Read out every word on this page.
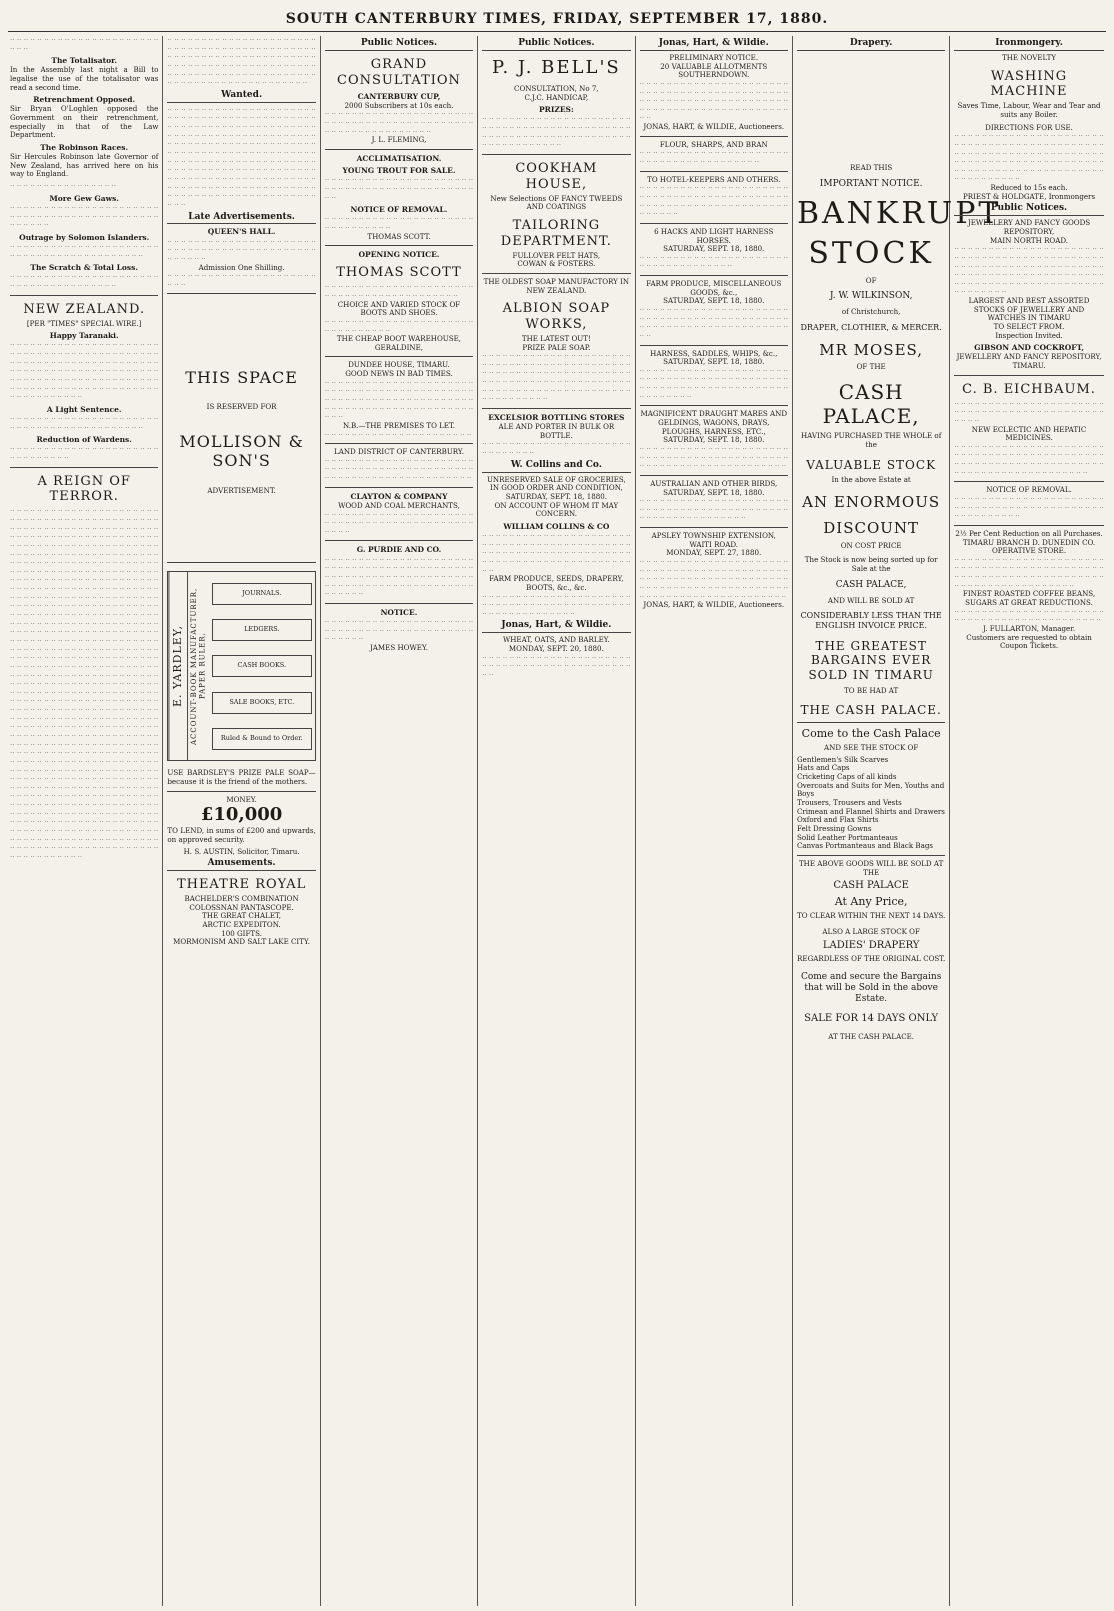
SOUTH CANTERBURY TIMES, FRIDAY, SEPTEMBER 17, 1880.
·· ·· ·· ·· ·· ·· ·· ·· ·· ·· ·· ·· ·· ·· ·· ·· ·· ·· ·· ·· ·· ·· ·· ·· ··
The Totalisator.
In the Assembly last night a Bill to legalise the use of the totalisator was read a second time.
Retrenchment Opposed.
Sir Bryan O'Loghlen opposed the Government on their retrenchment, especially in that of the Law Department.
The Robinson Races.
Sir Hercules Robinson late Governor of New Zealand, has arrived here on his way to England.
·· ·· ·· ·· ·· ·· ·· ·· ·· ·· ·· ·· ·· ·· ·· ··
More Gew Gaws.
·· ·· ·· ·· ·· ·· ·· ·· ·· ·· ·· ·· ·· ·· ·· ·· ·· ·· ·· ·· ·· ·· ·· ·· ·· ·· ·· ·· ·· ·· ·· ·· ·· ·· ·· ·· ·· ·· ·· ·· ·· ·· ·· ·· ·· ·· ·· ·· ·· ··
Outrage by Solomon Islanders.
·· ·· ·· ·· ·· ·· ·· ·· ·· ·· ·· ·· ·· ·· ·· ·· ·· ·· ·· ·· ·· ·· ·· ·· ·· ·· ·· ·· ·· ·· ·· ·· ·· ·· ·· ·· ·· ·· ·· ·· ·· ··
The Scratch & Total Loss.
·· ·· ·· ·· ·· ·· ·· ·· ·· ·· ·· ·· ·· ·· ·· ·· ·· ·· ·· ·· ·· ·· ·· ·· ·· ·· ·· ·· ·· ·· ·· ·· ·· ·· ·· ·· ·· ··
NEW ZEALAND.
[PER "TIMES" SPECIAL WIRE.]
Happy Taranaki.
·· ·· ·· ·· ·· ·· ·· ·· ·· ·· ·· ·· ·· ·· ·· ·· ·· ·· ·· ·· ·· ·· ·· ·· ·· ·· ·· ·· ·· ·· ·· ·· ·· ·· ·· ·· ·· ·· ·· ·· ·· ·· ·· ·· ·· ·· ·· ·· ·· ·· ·· ·· ·· ·· ·· ·· ·· ·· ·· ·· ·· ·· ·· ·· ·· ·· ·· ·· ·· ·· ·· ·· ·· ·· ·· ·· ·· ·· ·· ·· ·· ·· ·· ·· ·· ·· ·· ·· ·· ·· ·· ·· ·· ·· ·· ·· ·· ·· ·· ·· ·· ·· ·· ·· ·· ·· ·· ·· ·· ·· ·· ·· ·· ·· ·· ·· ·· ·· ·· ·· ·· ·· ·· ·· ·· ·· ·· ·· ·· ·· ·· ·· ·· ·· ·· ·· ·· ·· ·· ·· ·· ·· ··
A Light Sentence.
·· ·· ·· ·· ·· ·· ·· ·· ·· ·· ·· ·· ·· ·· ·· ·· ·· ·· ·· ·· ·· ·· ·· ·· ·· ·· ·· ·· ·· ·· ·· ·· ·· ·· ·· ·· ·· ·· ·· ·· ·· ··
Reduction of Wardens.
·· ·· ·· ·· ·· ·· ·· ·· ·· ·· ·· ·· ·· ·· ·· ·· ·· ·· ·· ·· ·· ·· ·· ·· ·· ·· ·· ·· ·· ·· ··
A REIGN OF TERROR.
·· ·· ·· ·· ·· ·· ·· ·· ·· ·· ·· ·· ·· ·· ·· ·· ·· ·· ·· ·· ·· ·· ·· ·· ·· ·· ·· ·· ·· ·· ·· ·· ·· ·· ·· ·· ·· ·· ·· ·· ·· ·· ·· ·· ·· ·· ·· ·· ·· ·· ·· ·· ·· ·· ·· ·· ·· ·· ·· ·· ·· ·· ·· ·· ·· ·· ·· ·· ·· ·· ·· ·· ·· ·· ·· ·· ·· ·· ·· ·· ·· ·· ·· ·· ·· ·· ·· ·· ·· ·· ·· ·· ·· ·· ·· ·· ·· ·· ·· ·· ·· ·· ·· ·· ·· ·· ·· ·· ·· ·· ·· ·· ·· ·· ·· ·· ·· ·· ·· ·· ·· ·· ·· ·· ·· ·· ·· ·· ·· ·· ·· ·· ·· ·· ·· ·· ·· ·· ·· ·· ·· ·· ·· ·· ·· ·· ·· ·· ·· ·· ·· ·· ·· ·· ·· ·· ·· ·· ·· ·· ·· ·· ·· ·· ·· ·· ·· ·· ·· ·· ·· ·· ·· ·· ·· ·· ·· ·· ·· ·· ·· ·· ·· ·· ·· ·· ·· ·· ·· ·· ·· ·· ·· ·· ·· ·· ·· ·· ·· ·· ·· ·· ·· ·· ·· ·· ·· ·· ·· ·· ·· ·· ·· ·· ·· ·· ·· ·· ·· ·· ·· ·· ·· ·· ·· ·· ·· ·· ·· ·· ·· ·· ·· ·· ·· ·· ·· ·· ·· ·· ·· ·· ·· ·· ·· ·· ·· ·· ·· ·· ·· ·· ·· ·· ·· ·· ·· ·· ·· ·· ·· ·· ·· ·· ·· ·· ·· ·· ·· ·· ·· ·· ·· ·· ·· ·· ·· ·· ·· ·· ·· ·· ·· ·· ·· ·· ·· ·· ·· ·· ·· ·· ·· ·· ·· ·· ·· ·· ·· ·· ·· ·· ·· ·· ·· ·· ·· ·· ·· ·· ·· ·· ·· ·· ·· ·· ·· ·· ·· ·· ·· ·· ·· ·· ·· ·· ·· ·· ·· ·· ·· ·· ·· ·· ·· ·· ·· ·· ·· ·· ·· ·· ·· ·· ·· ·· ·· ·· ·· ·· ·· ·· ·· ·· ·· ·· ·· ·· ·· ·· ·· ·· ·· ·· ·· ·· ·· ·· ·· ·· ·· ·· ·· ·· ·· ·· ·· ·· ·· ·· ·· ·· ·· ·· ·· ·· ·· ·· ·· ·· ·· ·· ·· ·· ·· ·· ·· ·· ·· ·· ·· ·· ·· ·· ·· ·· ·· ·· ·· ·· ·· ·· ·· ·· ·· ·· ·· ·· ·· ·· ·· ·· ·· ·· ·· ·· ·· ·· ·· ·· ·· ·· ·· ·· ·· ·· ·· ·· ·· ·· ·· ·· ·· ·· ·· ·· ·· ·· ·· ·· ·· ·· ·· ·· ·· ·· ·· ·· ·· ·· ·· ·· ·· ·· ·· ·· ·· ·· ·· ·· ·· ·· ·· ·· ·· ·· ·· ·· ·· ·· ·· ·· ·· ·· ·· ·· ·· ·· ·· ·· ·· ·· ·· ·· ·· ·· ·· ·· ·· ·· ·· ·· ·· ·· ·· ·· ·· ·· ·· ·· ·· ·· ·· ·· ·· ·· ·· ·· ·· ·· ·· ·· ·· ·· ·· ·· ·· ·· ·· ·· ·· ·· ·· ·· ·· ·· ·· ·· ·· ·· ·· ·· ·· ·· ·· ·· ·· ·· ·· ·· ·· ·· ·· ·· ·· ·· ·· ·· ·· ·· ·· ·· ·· ·· ·· ·· ·· ·· ·· ·· ·· ·· ·· ·· ·· ·· ·· ·· ·· ·· ·· ·· ·· ·· ·· ·· ·· ·· ·· ·· ·· ·· ·· ·· ·· ·· ·· ·· ·· ·· ·· ·· ·· ·· ·· ·· ·· ·· ·· ·· ·· ·· ·· ·· ·· ·· ·· ·· ·· ·· ·· ·· ·· ·· ·· ·· ·· ·· ·· ·· ·· ·· ·· ·· ·· ·· ·· ·· ·· ·· ·· ·· ·· ·· ·· ·· ·· ·· ·· ·· ·· ·· ·· ·· ·· ·· ·· ·· ·· ·· ·· ·· ·· ·· ·· ·· ·· ·· ·· ·· ·· ·· ·· ·· ·· ·· ·· ·· ·· ·· ·· ·· ·· ·· ·· ·· ·· ·· ·· ·· ·· ·· ·· ·· ·· ·· ·· ·· ·· ·· ·· ·· ·· ·· ·· ·· ·· ·· ·· ·· ·· ·· ·· ·· ·· ·· ·· ·· ·· ·· ·· ·· ·· ·· ·· ·· ·· ·· ·· ·· ·· ·· ·· ·· ·· ·· ·· ·· ·· ·· ·· ·· ·· ·· ·· ·· ·· ·· ·· ·· ·· ·· ·· ·· ·· ·· ·· ·· ·· ·· ·· ·· ·· ·· ·· ·· ·· ·· ·· ·· ·· ·· ·· ·· ·· ·· ·· ·· ·· ·· ·· ·· ·· ·· ·· ·· ·· ·· ·· ·· ·· ·· ·· ·· ·· ·· ·· ·· ·· ·· ·· ·· ·· ·· ·· ·· ·· ·· ·· ·· ·· ·· ·· ·· ·· ·· ·· ·· ·· ·· ·· ·· ·· ·· ·· ·· ·· ·· ·· ·· ·· ·· ·· ·· ·· ·· ·· ·· ·· ·· ·· ·· ·· ·· ·· ·· ·· ·· ·· ·· ·· ·· ·· ·· ·· ·· ·· ·· ·· ·· ·· ·· ·· ·· ·· ·· ·· ·· ·· ·· ·· ·· ·· ·· ·· ·· ·· ·· ·· ·· ·· ·· ·· ·· ·· ·· ·· ·· ·· ·· ··
·· ·· ·· ·· ·· ·· ·· ·· ·· ·· ·· ·· ·· ·· ·· ·· ·· ·· ·· ·· ·· ·· ·· ·· ·· ·· ·· ·· ·· ·· ·· ·· ·· ·· ·· ·· ·· ·· ·· ·· ·· ·· ·· ·· ·· ·· ·· ·· ·· ·· ·· ·· ·· ·· ·· ·· ·· ·· ·· ·· ·· ·· ·· ·· ·· ·· ·· ·· ·· ·· ·· ·· ·· ·· ·· ·· ·· ·· ·· ·· ·· ·· ·· ·· ·· ·· ·· ·· ·· ·· ·· ·· ·· ·· ·· ·· ·· ·· ·· ·· ·· ·· ·· ·· ·· ·· ·· ·· ·· ·· ·· ·· ·· ·· ·· ·· ·· ·· ·· ·· ·· ·· ·· ·· ·· ·· ·· ·· ·· ·· ··
Wanted.
·· ·· ·· ·· ·· ·· ·· ·· ·· ·· ·· ·· ·· ·· ·· ·· ·· ·· ·· ·· ·· ·· ·· ·· ·· ·· ·· ·· ·· ·· ·· ·· ·· ·· ·· ·· ·· ·· ·· ·· ·· ·· ·· ·· ·· ·· ·· ·· ·· ·· ·· ·· ·· ·· ·· ·· ·· ·· ·· ·· ·· ·· ·· ·· ·· ·· ·· ·· ·· ·· ·· ·· ·· ·· ·· ·· ·· ·· ·· ·· ·· ·· ·· ·· ·· ·· ·· ·· ·· ·· ·· ·· ·· ·· ·· ·· ·· ·· ·· ·· ·· ·· ·· ·· ·· ·· ·· ·· ·· ·· ·· ·· ·· ·· ·· ·· ·· ·· ·· ·· ·· ·· ·· ·· ·· ·· ·· ·· ·· ·· ·· ·· ·· ·· ·· ·· ·· ·· ·· ·· ·· ·· ·· ·· ·· ·· ·· ·· ·· ·· ·· ·· ·· ·· ·· ·· ·· ·· ·· ·· ·· ·· ·· ·· ·· ·· ·· ·· ·· ·· ·· ·· ·· ·· ·· ·· ·· ·· ·· ·· ·· ·· ·· ·· ·· ·· ·· ·· ·· ·· ·· ·· ·· ·· ·· ·· ·· ·· ·· ·· ·· ·· ·· ·· ·· ·· ·· ·· ·· ·· ·· ·· ·· ·· ·· ·· ·· ·· ·· ·· ·· ·· ·· ·· ·· ·· ·· ·· ·· ·· ·· ·· ·· ·· ·· ·· ·· ·· ·· ·· ·· ·· ·· ·· ··
Late Advertisements.
QUEEN'S HALL.
·· ·· ·· ·· ·· ·· ·· ·· ·· ·· ·· ·· ·· ·· ·· ·· ·· ·· ·· ·· ·· ·· ·· ·· ·· ·· ·· ·· ·· ·· ·· ·· ·· ·· ·· ·· ·· ·· ·· ·· ·· ·· ·· ·· ·· ·· ·· ·· ·· ··
Admission One Shilling.
·· ·· ·· ·· ·· ·· ·· ·· ·· ·· ·· ·· ·· ·· ·· ·· ·· ·· ·· ·· ·· ·· ·· ·· ··
THIS SPACE
IS RESERVED FOR
MOLLISON & SON'S
ADVERTISEMENT.
E. YARDLEY, ACCOUNT-BOOK MANUFACTURER, PAPER RULER,
JOURNALS.
LEDGERS.
CASH BOOKS.
SALE BOOKS, ETC.
Ruled & Bound to Order.
USE BARDSLEY'S PRIZE PALE SOAP—because it is the friend of the mothers.
MONEY.
£10,000
TO LEND, in sums of £200 and upwards, on approved security.
H. S. AUSTIN, Solicitor, Timaru.
Amusements.
THEATRE ROYAL
BACHELDER'S COMBINATION
COLOSSNAN PANTASCOPE.
THE GREAT CHALET,
ARCTIC EXPEDITON.
100 GIFTS.
MORMONISM AND SALT LAKE CITY.
Public Notices.
GRAND CONSULTATION
CANTERBURY CUP,
2000 Subscribers at 10s each.
·· ·· ·· ·· ·· ·· ·· ·· ·· ·· ·· ·· ·· ·· ·· ·· ·· ·· ·· ·· ·· ·· ·· ·· ·· ·· ·· ·· ·· ·· ·· ·· ·· ·· ·· ·· ·· ·· ·· ·· ·· ·· ·· ·· ·· ·· ·· ·· ·· ·· ·· ·· ·· ·· ·· ·· ·· ·· ·· ··
J. L. FLEMING,
ACCLIMATISATION.
YOUNG TROUT FOR SALE.
·· ·· ·· ·· ·· ·· ·· ·· ·· ·· ·· ·· ·· ·· ·· ·· ·· ·· ·· ·· ·· ·· ·· ·· ·· ·· ·· ·· ·· ·· ·· ·· ·· ·· ·· ·· ·· ·· ·· ·· ·· ·· ·· ·· ·· ··
NOTICE OF REMOVAL.
·· ·· ·· ·· ·· ·· ·· ·· ·· ·· ·· ·· ·· ·· ·· ·· ·· ·· ·· ·· ·· ·· ·· ·· ·· ·· ·· ·· ·· ·· ·· ··
THOMAS SCOTT.
OPENING NOTICE.
THOMAS SCOTT
·· ·· ·· ·· ·· ·· ·· ·· ·· ·· ·· ·· ·· ·· ·· ·· ·· ·· ·· ·· ·· ·· ·· ·· ·· ·· ·· ·· ·· ·· ·· ·· ·· ·· ·· ·· ·· ·· ·· ·· ·· ··
CHOICE AND VARIED STOCK OF BOOTS AND SHOES.
·· ·· ·· ·· ·· ·· ·· ·· ·· ·· ·· ·· ·· ·· ·· ·· ·· ·· ·· ·· ·· ·· ·· ·· ·· ·· ·· ·· ·· ·· ·· ··
THE CHEAP BOOT WAREHOUSE,
GERALDINE,
DUNDEE HOUSE, TIMARU.
GOOD NEWS IN BAD TIMES.
·· ·· ·· ·· ·· ·· ·· ·· ·· ·· ·· ·· ·· ·· ·· ·· ·· ·· ·· ·· ·· ·· ·· ·· ·· ·· ·· ·· ·· ·· ·· ·· ·· ·· ·· ·· ·· ·· ·· ·· ·· ·· ·· ·· ·· ·· ·· ·· ·· ·· ·· ·· ·· ·· ·· ·· ·· ·· ·· ·· ·· ·· ·· ·· ·· ·· ·· ·· ·· ·· ·· ·· ·· ·· ·· ·· ·· ·· ·· ·· ·· ·· ·· ·· ·· ·· ·· ·· ·· ·· ··
N.B.—THE PREMISES TO LET.
·· ·· ·· ·· ·· ·· ·· ·· ·· ·· ·· ·· ·· ·· ·· ·· ·· ·· ·· ·· ·· ··
LAND DISTRICT OF CANTERBURY.
·· ·· ·· ·· ·· ·· ·· ·· ·· ·· ·· ·· ·· ·· ·· ·· ·· ·· ·· ·· ·· ·· ·· ·· ·· ·· ·· ·· ·· ·· ·· ·· ·· ·· ·· ·· ·· ·· ·· ·· ·· ·· ·· ·· ·· ·· ·· ·· ·· ·· ·· ·· ·· ·· ·· ·· ·· ·· ·· ·· ·· ·· ·· ·· ·· ··
CLAYTON & COMPANY
WOOD AND COAL MERCHANTS,
·· ·· ·· ·· ·· ·· ·· ·· ·· ·· ·· ·· ·· ·· ·· ·· ·· ·· ·· ·· ·· ·· ·· ·· ·· ·· ·· ·· ·· ·· ·· ·· ·· ·· ·· ·· ·· ·· ·· ·· ·· ·· ·· ·· ·· ·· ·· ··
G. PURDIE AND CO.
·· ·· ·· ·· ·· ·· ·· ·· ·· ·· ·· ·· ·· ·· ·· ·· ·· ·· ·· ·· ·· ·· ·· ·· ·· ·· ·· ·· ·· ·· ·· ·· ·· ·· ·· ·· ·· ·· ·· ·· ·· ·· ·· ·· ·· ·· ·· ·· ·· ·· ·· ·· ·· ·· ·· ·· ·· ·· ·· ·· ·· ·· ·· ·· ·· ·· ·· ·· ·· ·· ·· ·· ·· ·· ·· ·· ·· ·· ·· ·· ·· ·· ·· ·· ·· ·· ·· ·· ·· ·· ·· ·· ·· ··
NOTICE.
·· ·· ·· ·· ·· ·· ·· ·· ·· ·· ·· ·· ·· ·· ·· ·· ·· ·· ·· ·· ·· ·· ·· ·· ·· ·· ·· ·· ·· ·· ·· ·· ·· ·· ·· ·· ·· ·· ·· ·· ·· ·· ·· ·· ·· ·· ·· ·· ·· ··
JAMES HOWEY.
Public Notices.
P. J. BELL'S
CONSULTATION, No 7,
C.J.C. HANDICAP,
PRIZES:
·· ·· ·· ·· ·· ·· ·· ·· ·· ·· ·· ·· ·· ·· ·· ·· ·· ·· ·· ·· ·· ·· ·· ·· ·· ·· ·· ·· ·· ·· ·· ·· ·· ·· ·· ·· ·· ·· ·· ·· ·· ·· ·· ·· ·· ·· ·· ·· ·· ·· ·· ·· ·· ·· ·· ·· ·· ·· ·· ·· ·· ·· ·· ·· ·· ·· ·· ·· ·· ·· ·· ·· ·· ·· ·· ·· ·· ··
COOKHAM HOUSE,
New Selections OF FANCY TWEEDS AND COATINGS
TAILORING DEPARTMENT.
FULLOVER FELT HATS,
COWAN & FOSTERS.
THE OLDEST SOAP MANUFACTORY IN NEW ZEALAND.
ALBION SOAP WORKS,
THE LATEST OUT!
PRIZE PALE SOAP.
·· ·· ·· ·· ·· ·· ·· ·· ·· ·· ·· ·· ·· ·· ·· ·· ·· ·· ·· ·· ·· ·· ·· ·· ·· ·· ·· ·· ·· ·· ·· ·· ·· ·· ·· ·· ·· ·· ·· ·· ·· ·· ·· ·· ·· ·· ·· ·· ·· ·· ·· ·· ·· ·· ·· ·· ·· ·· ·· ·· ·· ·· ·· ·· ·· ·· ·· ·· ·· ·· ·· ·· ·· ·· ·· ·· ·· ·· ·· ·· ·· ·· ·· ·· ·· ·· ·· ·· ·· ·· ·· ·· ·· ·· ·· ·· ·· ·· ·· ·· ·· ·· ·· ·· ·· ·· ·· ·· ·· ·· ·· ·· ·· ·· ·· ·· ·· ·· ·· ··
EXCELSIOR BOTTLING STORES
ALE AND PORTER IN BULK OR BOTTLE.
·· ·· ·· ·· ·· ·· ·· ·· ·· ·· ·· ·· ·· ·· ·· ·· ·· ·· ·· ·· ·· ·· ·· ·· ·· ·· ·· ·· ·· ··
W. Collins and Co.
UNRESERVED SALE OF GROCERIES, IN GOOD ORDER AND CONDITION,
SATURDAY, SEPT. 18, 1880.
ON ACCOUNT OF WHOM IT MAY CONCERN.
WILLIAM COLLINS & CO
·· ·· ·· ·· ·· ·· ·· ·· ·· ·· ·· ·· ·· ·· ·· ·· ·· ·· ·· ·· ·· ·· ·· ·· ·· ·· ·· ·· ·· ·· ·· ·· ·· ·· ·· ·· ·· ·· ·· ·· ·· ·· ·· ·· ·· ·· ·· ·· ·· ·· ·· ·· ·· ·· ·· ·· ·· ·· ·· ·· ·· ·· ·· ·· ·· ·· ·· ·· ·· ·· ·· ·· ·· ·· ·· ·· ·· ·· ·· ·· ·· ·· ·· ·· ·· ·· ·· ·· ·· ··
FARM PRODUCE, SEEDS, DRAPERY, BOOTS, &c., &c.
·· ·· ·· ·· ·· ·· ·· ·· ·· ·· ·· ·· ·· ·· ·· ·· ·· ·· ·· ·· ·· ·· ·· ·· ·· ·· ·· ·· ·· ·· ·· ·· ·· ·· ·· ·· ·· ·· ·· ·· ·· ·· ·· ·· ·· ·· ·· ·· ·· ·· ·· ·· ·· ·· ·· ·· ·· ··
Jonas, Hart, & Wildie.
WHEAT, OATS, AND BARLEY.
MONDAY, SEPT. 20, 1880.
·· ·· ·· ·· ·· ·· ·· ·· ·· ·· ·· ·· ·· ·· ·· ·· ·· ·· ·· ·· ·· ·· ·· ·· ·· ·· ·· ·· ·· ·· ·· ·· ·· ·· ·· ·· ·· ·· ·· ·· ·· ·· ·· ·· ·· ··
Jonas, Hart, & Wildie.
PRELIMINARY NOTICE.
20 VALUABLE ALLOTMENTS SOUTHERNDOWN.
·· ·· ·· ·· ·· ·· ·· ·· ·· ·· ·· ·· ·· ·· ·· ·· ·· ·· ·· ·· ·· ·· ·· ·· ·· ·· ·· ·· ·· ·· ·· ·· ·· ·· ·· ·· ·· ·· ·· ·· ·· ·· ·· ·· ·· ·· ·· ·· ·· ·· ·· ·· ·· ·· ·· ·· ·· ·· ·· ·· ·· ·· ·· ·· ·· ·· ·· ·· ·· ·· ·· ·· ·· ·· ·· ·· ·· ·· ·· ·· ·· ·· ·· ·· ·· ·· ·· ·· ·· ··
JONAS, HART, & WILDIE, Auctioneers.
FLOUR, SHARPS, AND BRAN
·· ·· ·· ·· ·· ·· ·· ·· ·· ·· ·· ·· ·· ·· ·· ·· ·· ·· ·· ·· ·· ·· ·· ·· ·· ·· ·· ·· ·· ·· ·· ·· ·· ·· ·· ·· ·· ·· ·· ··
TO HOTEL-KEEPERS AND OTHERS.
·· ·· ·· ·· ·· ·· ·· ·· ·· ·· ·· ·· ·· ·· ·· ·· ·· ·· ·· ·· ·· ·· ·· ·· ·· ·· ·· ·· ·· ·· ·· ·· ·· ·· ·· ·· ·· ·· ·· ·· ·· ·· ·· ·· ·· ·· ·· ·· ·· ·· ·· ·· ·· ·· ·· ·· ·· ·· ·· ·· ·· ·· ·· ·· ·· ·· ·· ·· ·· ·· ·· ··
6 HACKS AND LIGHT HARNESS HORSES.
SATURDAY, SEPT. 18, 1880.
·· ·· ·· ·· ·· ·· ·· ·· ·· ·· ·· ·· ·· ·· ·· ·· ·· ·· ·· ·· ·· ·· ·· ·· ·· ·· ·· ·· ·· ·· ·· ·· ·· ·· ·· ··
FARM PRODUCE, MISCELLANEOUS GOODS, &c.,
SATURDAY, SEPT. 18, 1880.
·· ·· ·· ·· ·· ·· ·· ·· ·· ·· ·· ·· ·· ·· ·· ·· ·· ·· ·· ·· ·· ·· ·· ·· ·· ·· ·· ·· ·· ·· ·· ·· ·· ·· ·· ·· ·· ·· ·· ·· ·· ·· ·· ·· ·· ·· ·· ·· ·· ·· ·· ·· ·· ·· ·· ·· ·· ·· ·· ·· ·· ·· ·· ·· ·· ·· ·· ··
HARNESS, SADDLES, WHIPS, &c.,
SATURDAY, SEPT. 18, 1880.
·· ·· ·· ·· ·· ·· ·· ·· ·· ·· ·· ·· ·· ·· ·· ·· ·· ·· ·· ·· ·· ·· ·· ·· ·· ·· ·· ·· ·· ·· ·· ·· ·· ·· ·· ·· ·· ·· ·· ·· ·· ·· ·· ·· ·· ·· ·· ·· ·· ·· ·· ·· ·· ·· ·· ·· ·· ·· ·· ·· ·· ·· ·· ·· ·· ·· ·· ·· ·· ·· ·· ·· ·· ··
MAGNIFICENT DRAUGHT MARES AND GELDINGS, WAGONS, DRAYS, PLOUGHS, HARNESS, ETC.,
SATURDAY, SEPT. 18, 1880.
·· ·· ·· ·· ·· ·· ·· ·· ·· ·· ·· ·· ·· ·· ·· ·· ·· ·· ·· ·· ·· ·· ·· ·· ·· ·· ·· ·· ·· ·· ·· ·· ·· ·· ·· ·· ·· ·· ·· ·· ·· ·· ·· ·· ·· ·· ·· ·· ·· ·· ·· ·· ·· ·· ·· ·· ·· ·· ·· ·· ·· ·· ·· ·· ·· ··
AUSTRALIAN AND OTHER BIRDS,
SATURDAY, SEPT. 18, 1880.
·· ·· ·· ·· ·· ·· ·· ·· ·· ·· ·· ·· ·· ·· ·· ·· ·· ·· ·· ·· ·· ·· ·· ·· ·· ·· ·· ·· ·· ·· ·· ·· ·· ·· ·· ·· ·· ·· ·· ·· ·· ·· ·· ·· ·· ·· ·· ·· ·· ·· ·· ·· ·· ·· ·· ·· ·· ·· ·· ··
APSLEY TOWNSHIP EXTENSION, WAITI ROAD.
MONDAY, SEPT. 27, 1880.
·· ·· ·· ·· ·· ·· ·· ·· ·· ·· ·· ·· ·· ·· ·· ·· ·· ·· ·· ·· ·· ·· ·· ·· ·· ·· ·· ·· ·· ·· ·· ·· ·· ·· ·· ·· ·· ·· ·· ·· ·· ·· ·· ·· ·· ·· ·· ·· ·· ·· ·· ·· ·· ·· ·· ·· ·· ·· ·· ·· ·· ·· ·· ·· ·· ·· ·· ·· ·· ·· ·· ·· ·· ·· ·· ·· ·· ·· ·· ·· ·· ·· ·· ·· ·· ·· ·· ·· ·· ·· ·· ·· ·· ·· ·· ·· ·· ·· ·· ·· ·· ·· ·· ·· ·· ·· ·· ·· ·· ··
JONAS, HART, & WILDIE, Auctioneers.
Drapery.
READ THIS
IMPORTANT NOTICE.
BANKRUPT
STOCK
OF
J. W. WILKINSON,
of Christchurch,
DRAPER, CLOTHIER, & MERCER.
MR MOSES,
OF THE
CASH PALACE,
HAVING PURCHASED THE WHOLE of the
VALUABLE STOCK
In the above Estate at
AN ENORMOUS
DISCOUNT
ON COST PRICE
The Stock is now being sorted up for Sale at the
CASH PALACE,
AND WILL BE SOLD AT
CONSIDERABLY LESS THAN THE ENGLISH INVOICE PRICE.
THE GREATEST BARGAINS EVER SOLD IN TIMARU
TO BE HAD AT
THE CASH PALACE.
Come to the Cash Palace
AND SEE THE STOCK OF
Gentlemen's Silk Scarves
Hats and Caps
Cricketing Caps of all kinds
Overcoats and Suits for Men, Youths and Boys
Trousers, Trousers and Vests
Crimean and Flannel Shirts and Drawers
Oxford and Flax Shirts
Felt Dressing Gowns
Solid Leather Portmanteaus
Canvas Portmanteaus and Black Bags
THE ABOVE GOODS WILL BE SOLD AT THE
CASH PALACE
At Any Price,
TO CLEAR WITHIN THE NEXT 14 DAYS.
ALSO A LARGE STOCK OF
LADIES' DRAPERY
REGARDLESS OF THE ORIGINAL COST.
Come and secure the Bargains that will be Sold in the above Estate.
SALE FOR 14 DAYS ONLY
AT THE CASH PALACE.
Ironmongery.
THE NOVELTY
WASHING MACHINE
Saves Time, Labour, Wear and Tear and suits any Boiler.
DIRECTIONS FOR USE.
·· ·· ·· ·· ·· ·· ·· ·· ·· ·· ·· ·· ·· ·· ·· ·· ·· ·· ·· ·· ·· ·· ·· ·· ·· ·· ·· ·· ·· ·· ·· ·· ·· ·· ·· ·· ·· ·· ·· ·· ·· ·· ·· ·· ·· ·· ·· ·· ·· ·· ·· ·· ·· ·· ·· ·· ·· ·· ·· ·· ·· ·· ·· ·· ·· ·· ·· ·· ·· ·· ·· ·· ·· ·· ·· ·· ·· ·· ·· ·· ·· ·· ·· ·· ·· ·· ·· ·· ·· ·· ·· ·· ·· ·· ·· ·· ·· ·· ·· ·· ·· ·· ·· ·· ·· ·· ·· ·· ·· ·· ·· ·· ·· ·· ·· ·· ·· ·· ·· ··
Reduced to 15s each.
PRIEST & HOLDGATE, Ironmongers
Public Notices.
JEWELLERY AND FANCY GOODS REPOSITORY,
MAIN NORTH ROAD.
·· ·· ·· ·· ·· ·· ·· ·· ·· ·· ·· ·· ·· ·· ·· ·· ·· ·· ·· ·· ·· ·· ·· ·· ·· ·· ·· ·· ·· ·· ·· ·· ·· ·· ·· ·· ·· ·· ·· ·· ·· ·· ·· ·· ·· ·· ·· ·· ·· ·· ·· ·· ·· ·· ·· ·· ·· ·· ·· ·· ·· ·· ·· ·· ·· ·· ·· ·· ·· ·· ·· ·· ·· ·· ·· ·· ·· ·· ·· ·· ·· ·· ·· ·· ·· ·· ·· ·· ·· ·· ·· ·· ·· ·· ·· ·· ·· ·· ·· ·· ·· ·· ·· ·· ·· ·· ·· ·· ·· ·· ·· ·· ·· ·· ·· ·· ·· ··
LARGEST AND BEST ASSORTED STOCKS OF JEWELLERY AND WATCHES IN TIMARU
TO SELECT FROM.
Inspection Invited.
GIBSON AND COCKROFT,
JEWELLERY AND FANCY REPOSITORY,
TIMARU.
C. B. EICHBAUM.
·· ·· ·· ·· ·· ·· ·· ·· ·· ·· ·· ·· ·· ·· ·· ·· ·· ·· ·· ·· ·· ·· ·· ·· ·· ·· ·· ·· ·· ·· ·· ·· ·· ·· ·· ·· ·· ·· ·· ·· ·· ·· ·· ·· ·· ·· ·· ··
NEW ECLECTIC AND HEPATIC MEDICINES.
·· ·· ·· ·· ·· ·· ·· ·· ·· ·· ·· ·· ·· ·· ·· ·· ·· ·· ·· ·· ·· ·· ·· ·· ·· ·· ·· ·· ·· ·· ·· ·· ·· ·· ·· ·· ·· ·· ·· ·· ·· ·· ·· ·· ·· ·· ·· ·· ·· ·· ·· ·· ·· ·· ·· ·· ·· ·· ·· ·· ·· ·· ·· ·· ·· ·· ·· ·· ·· ·· ·· ·· ·· ·· ·· ·· ·· ·· ·· ·· ·· ·· ·· ·· ·· ··
NOTICE OF REMOVAL.
·· ·· ·· ·· ·· ·· ·· ·· ·· ·· ·· ·· ·· ·· ·· ·· ·· ·· ·· ·· ·· ·· ·· ·· ·· ·· ·· ·· ·· ·· ·· ·· ·· ·· ·· ·· ·· ·· ·· ·· ·· ·· ·· ·· ·· ·· ·· ·· ·· ·· ·· ·· ·· ··
2½ Per Cent Reduction on all Purchases.
TIMARU BRANCH D. DUNEDIN CO. OPERATIVE STORE.
·· ·· ·· ·· ·· ·· ·· ·· ·· ·· ·· ·· ·· ·· ·· ·· ·· ·· ·· ·· ·· ·· ·· ·· ·· ·· ·· ·· ·· ·· ·· ·· ·· ·· ·· ·· ·· ·· ·· ·· ·· ·· ·· ·· ·· ·· ·· ·· ·· ·· ·· ·· ·· ·· ·· ·· ·· ·· ·· ·· ·· ·· ·· ·· ·· ·· ·· ·· ·· ·· ·· ·· ·· ·· ·· ·· ·· ·· ·· ·· ·· ·· ·· ··
FINEST ROASTED COFFEE BEANS,
SUGARS AT GREAT REDUCTIONS.
·· ·· ·· ·· ·· ·· ·· ·· ·· ·· ·· ·· ·· ·· ·· ·· ·· ·· ·· ·· ·· ·· ·· ·· ·· ·· ·· ·· ·· ·· ·· ·· ·· ·· ·· ·· ·· ·· ·· ·· ·· ·· ·· ··
J. FULLARTON, Manager.
Customers are requested to obtain Coupon Tickets.
